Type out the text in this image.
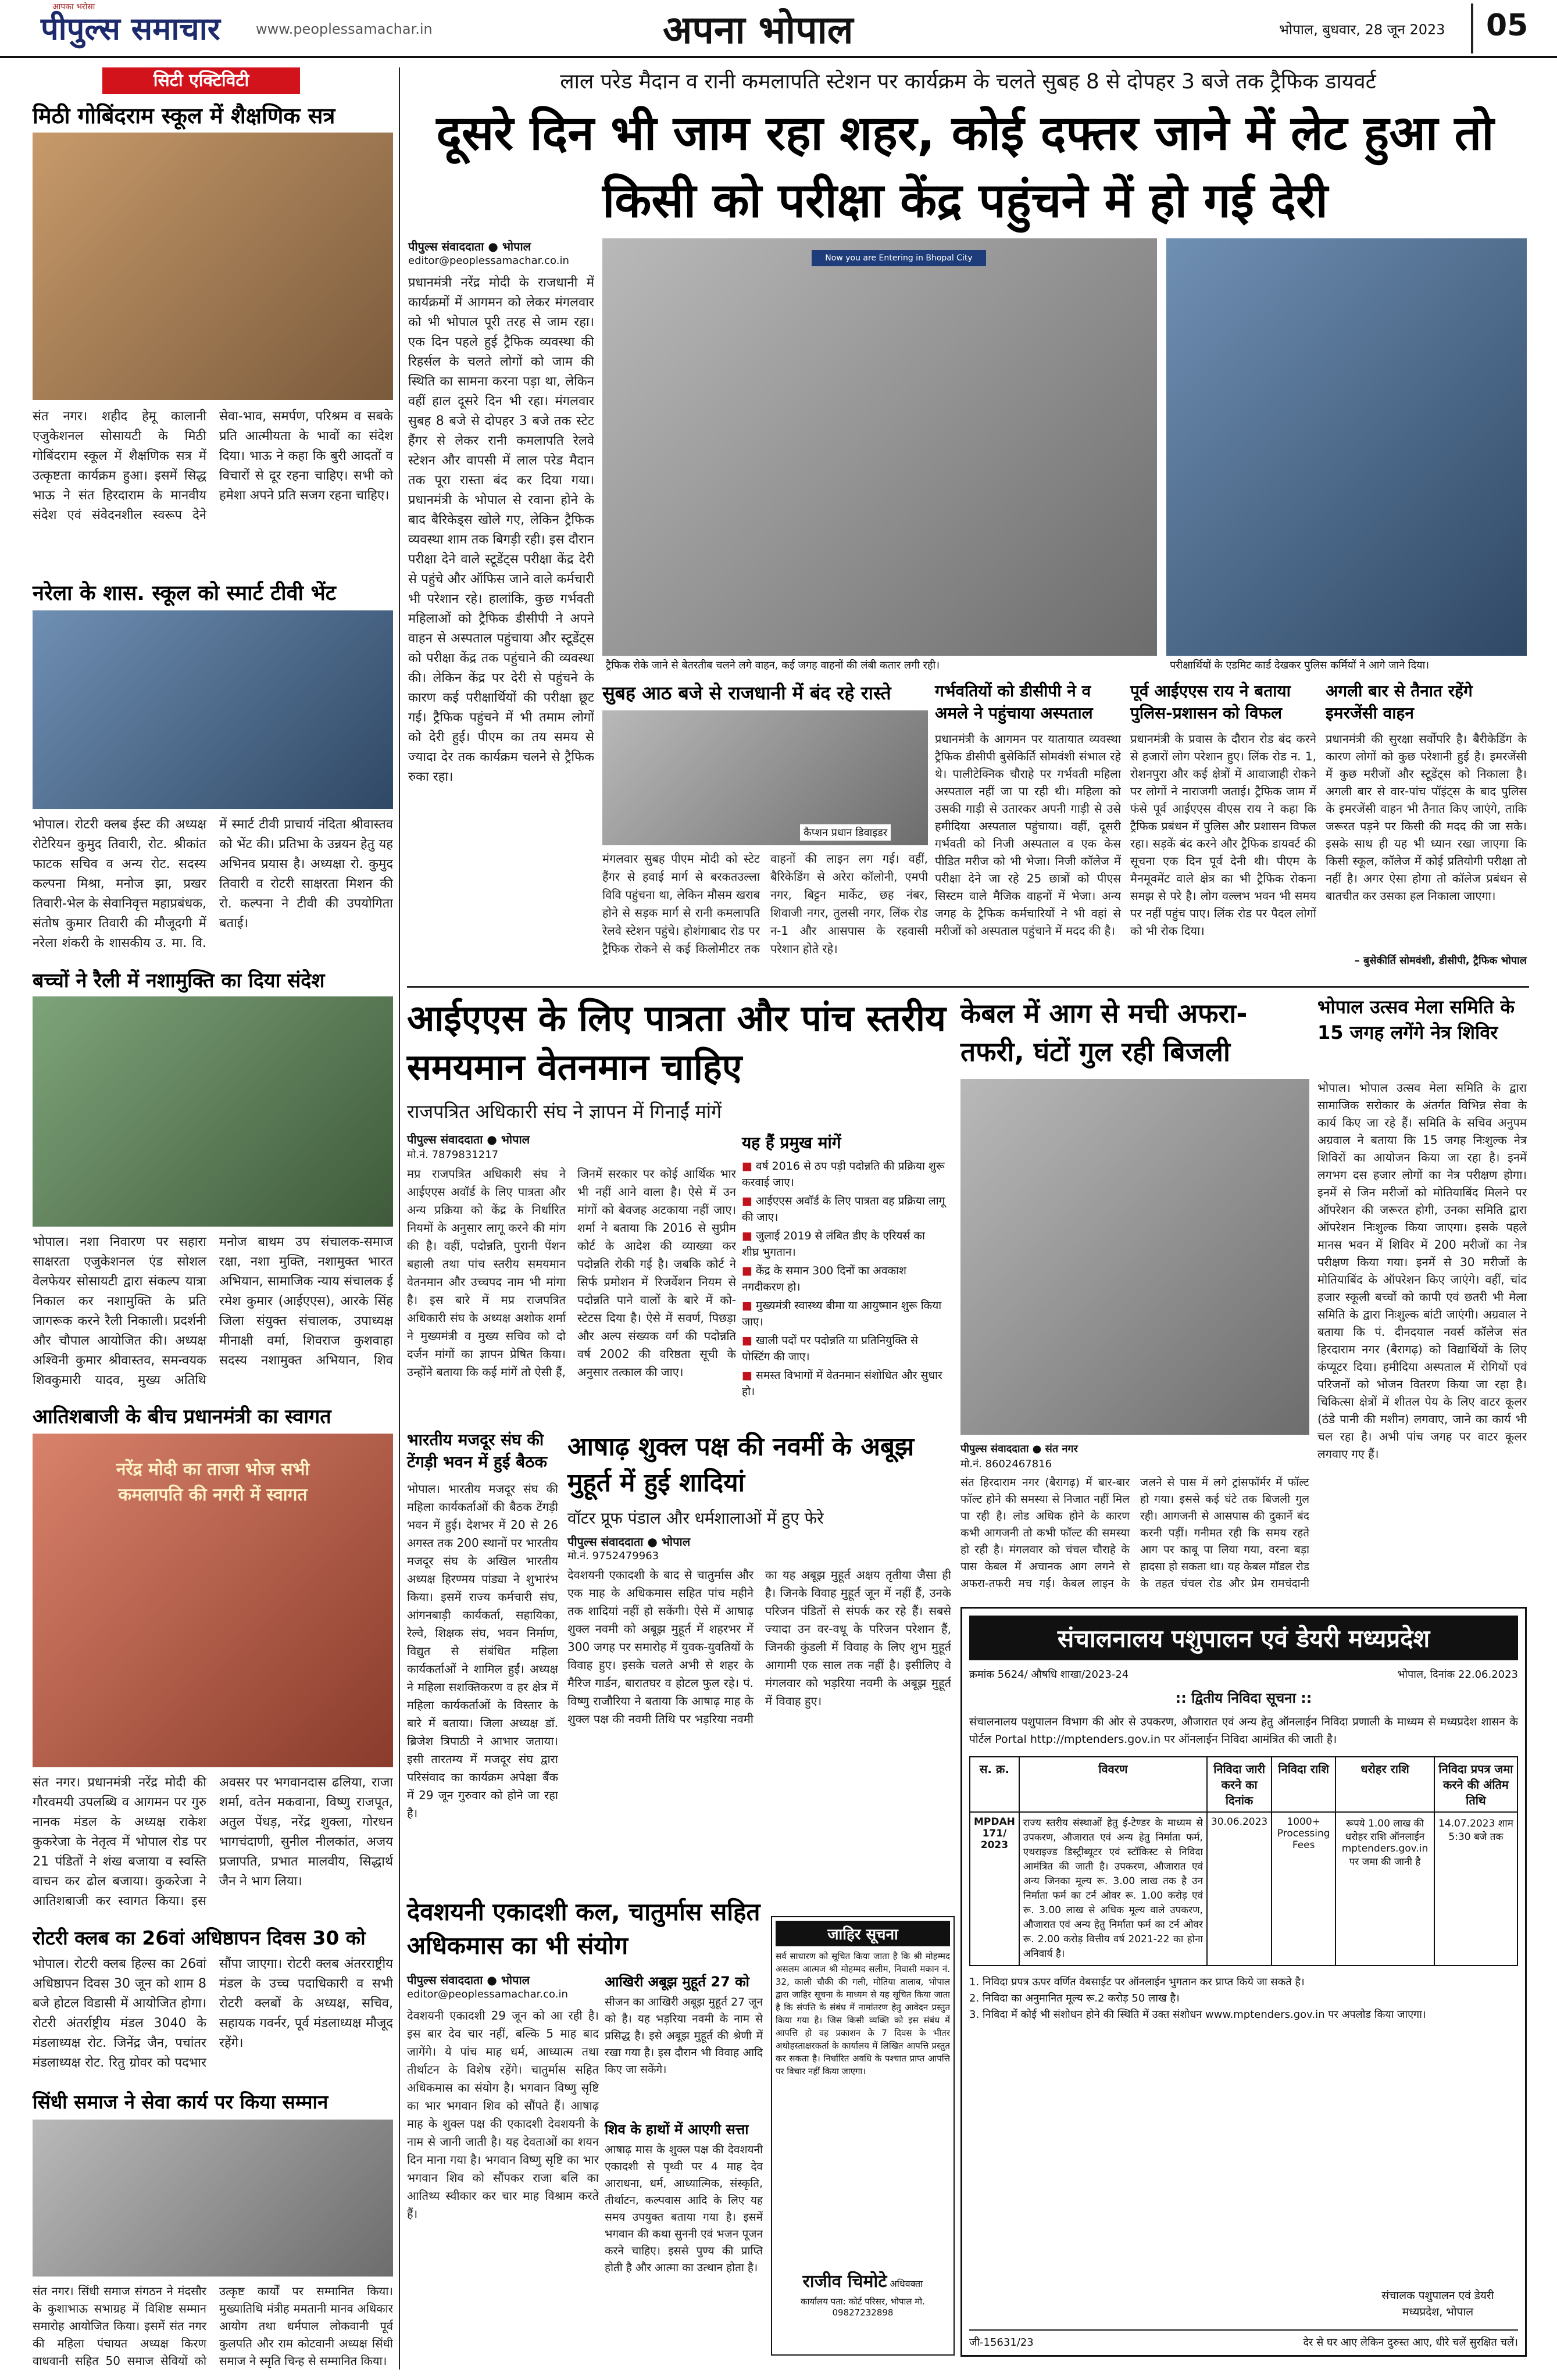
पीपुल्स समाचार
आपका भरोसा
www.peoplessamachar.in	अपना भोपाल	भोपाल, बुधवार, 28 जून 2023 05
सिटी एक्टिविटी
मिठी गोबिंदराम स्कूल में शैक्षणिक सत्र
संत नगर। शहीद हेमू कालानी एजुकेशनल सोसायटी के मिठी गोबिंदराम स्कूल में शैक्षणिक सत्र में उत्कृष्टता कार्यक्रम हुआ। इसमें सिद्ध भाऊ ने संत हिरदाराम के मानवीय संदेश एवं संवेदनशील स्वरूप देने सेवा-भाव, समर्पण, परिश्रम व सबके प्रति आत्मीयता के भावों का संदेश दिया। भाऊ ने कहा कि बुरी आदतों व विचारों से दूर रहना चाहिए। सभी को हमेशा अपने प्रति सजग रहना चाहिए।
नरेला के शास. स्कूल को स्मार्ट टीवी भेंट
भोपाल। रोटरी क्लब ईस्ट की अध्यक्ष रोटेरियन कुमुद तिवारी, रोट. श्रीकांत फाटक सचिव व अन्य रोट. सदस्य कल्पना मिश्रा, मनोज झा, प्रखर तिवारी-भेल के सेवानिवृत्त महाप्रबंधक, संतोष कुमार तिवारी की मौजूदगी में नरेला शंकरी के शासकीय उ. मा. वि. में स्मार्ट टीवी प्राचार्य नंदिता श्रीवास्तव को भेंट की। प्रतिभा के उन्नयन हेतु यह अभिनव प्रयास है। अध्यक्षा रो. कुमुद तिवारी व रोटरी साक्षरता मिशन की रो. कल्पना ने टीवी की उपयोगिता बताई।
बच्चों ने रैली में नशामुक्ति का दिया संदेश
भोपाल। नशा निवारण पर सहारा साक्षरता एजुकेशनल एंड सोशल वेलफेयर सोसायटी द्वारा संकल्प यात्रा निकाल कर नशामुक्ति के प्रति जागरूक करने रैली निकाली। प्रदर्शनी और चौपाल आयोजित की। अध्यक्ष अश्विनी कुमार श्रीवास्तव, समन्वयक शिवकुमारी यादव, मुख्य अतिथि मनोज बाथम उप संचालक-समाज रक्षा, नशा मुक्ति, नशामुक्त भारत अभियान, सामाजिक न्याय संचालक ई रमेश कुमार (आईएएस), आरके सिंह जिला संयुक्त संचालक, उपाध्यक्ष मीनाक्षी वर्मा, शिवराज कुशवाहा सदस्य नशामुक्त अभियान, शिव
आतिशबाजी के बीच प्रधानमंत्री का स्वागत
नरेंद्र मोदी का ताजा भोज सभी कमलापति की नगरी में स्वागत
संत नगर। प्रधानमंत्री नरेंद्र मोदी की गौरवमयी उपलब्धि व आगमन पर गुरु नानक मंडल के अध्यक्ष राकेश कुकरेजा के नेतृत्व में भोपाल रोड पर 21 पंडितों ने शंख बजाया व स्वस्ति वाचन कर ढोल बजाया। कुकरेजा ने आतिशबाजी कर स्वागत किया। इस अवसर पर भगवानदास ढलिया, राजा शर्मा, वतेन मकवाना, विष्णु राजपूत, अतुल पेंधड़, नरेंद्र शुक्ला, गोरधन भागचंदाणी, सुनील नीलकांत, अजय प्रजापति, प्रभात मालवीय, सिद्धार्थ जैन ने भाग लिया।
रोटरी क्लब का 26वां अधिष्ठापन दिवस 30 को
भोपाल। रोटरी क्लब हिल्स का 26वां अधिष्ठापन दिवस 30 जून को शाम 8 बजे होटल विडासी में आयोजित होगा। रोटरी अंतर्राष्ट्रीय मंडल 3040 के मंडलाध्यक्ष रोट. जिनेंद्र जैन, पचांतर मंडलाध्यक्ष रोट. रितु ग्रोवर को पदभार सौंपा जाएगा। रोटरी क्लब अंतरराष्ट्रीय मंडल के उच्च पदाधिकारी व सभी रोटरी क्लबों के अध्यक्ष, सचिव, सहायक गवर्नर, पूर्व मंडलाध्यक्ष मौजूद रहेंगे।
सिंधी समाज ने सेवा कार्य पर किया सम्मान
संत नगर। सिंधी समाज संगठन ने मंदसौर के कुशाभाऊ सभाग्रह में विशिष्ट सम्मान समारोह आयोजित किया। इसमें संत नगर की महिला पंचायत अध्यक्ष किरण वाधवानी सहित 50 समाज सेवियों को उत्कृष्ट कार्यों पर सम्मानित किया। मुख्यातिथि मंत्रीह ममतानी मानव अधिकार आयोग तथा धर्मपाल लोकवानी पूर्व कुलपति और राम कोटवानी अध्यक्ष सिंधी समाज ने स्मृति चिन्ह से सम्मानित किया।
लाल परेड मैदान व रानी कमलापति स्टेशन पर कार्यक्रम के चलते सुबह 8 से दोपहर 3 बजे तक ट्रैफिक डायवर्ट
दूसरे दिन भी जाम रहा शहर, कोई दफ्तर जाने में लेट हुआ तो किसी को परीक्षा केंद्र पहुंचने में हो गई देरी
पीपुल्स संवाददाता ● भोपाल
editor@peoplessamachar.co.in
प्रधानमंत्री नरेंद्र मोदी के राजधानी में कार्यक्रमों में आगमन को लेकर मंगलवार को भी भोपाल पूरी तरह से जाम रहा। एक दिन पहले हुई ट्रैफिक व्यवस्था की रिहर्सल के चलते लोगों को जाम की स्थिति का सामना करना पड़ा था, लेकिन वहीं हाल दूसरे दिन भी रहा। मंगलवार सुबह 8 बजे से दोपहर 3 बजे तक स्टेट हैंगर से लेकर रानी कमलापति रेलवे स्टेशन और वापसी में लाल परेड मैदान तक पूरा रास्ता बंद कर दिया गया। प्रधानमंत्री के भोपाल से रवाना होने के बाद बैरिकेड्स खोले गए, लेकिन ट्रैफिक व्यवस्था शाम तक बिगड़ी रही। इस दौरान परीक्षा देने वाले स्टूडेंट्स परीक्षा केंद्र देरी से पहुंचे और ऑफिस जाने वाले कर्मचारी भी परेशान रहे। हालांकि, कुछ गर्भवती महिलाओं को ट्रैफिक डीसीपी ने अपने वाहन से अस्पताल पहुंचाया और स्टूडेंट्स को परीक्षा केंद्र तक पहुंचाने की व्यवस्था की। लेकिन केंद्र पर देरी से पहुंचने के कारण कई परीक्षार्थियों की परीक्षा छूट गई। ट्रैफिक पहुंचने में भी तमाम लोगों को देरी हुई। पीएम का तय समय से ज्यादा देर तक कार्यक्रम चलने से ट्रैफिक रुका रहा।
Now you are Entering in Bhopal City
ट्रैफिक रोके जाने से बेतरतीब चलने लगे वाहन, कई जगह वाहनों की लंबी कतार लगी रही।	परीक्षार्थियों के एडमिट कार्ड देखकर पुलिस कर्मियों ने आगे जाने दिया।
सुबह आठ बजे से राजधानी में बंद रहे रास्ते
कैप्शन प्रधान डिवाइडर
मंगलवार सुबह पीएम मोदी को स्टेट हैंगर से हवाई मार्ग से बरकतउल्ला विवि पहुंचना था, लेकिन मौसम खराब होने से सड़क मार्ग से रानी कमलापति रेलवे स्टेशन पहुंचे। होशंगाबाद रोड पर ट्रैफिक रोकने से कई किलोमीटर तक वाहनों की लाइन लग गई। वहीं, बैरिकेडिंग से अरेरा कॉलोनी, एमपी नगर, बिट्टन मार्केट, छह नंबर, शिवाजी नगर, तुलसी नगर, लिंक रोड न-1 और आसपास के रहवासी परेशान होते रहे।
गर्भवतियों को डीसीपी ने व अमले ने पहुंचाया अस्पताल
प्रधानमंत्री के आगमन पर यातायात व्यवस्था ट्रैफिक डीसीपी बुसेकिर्ति सोमवंशी संभाल रहे थे। पालीटेक्निक चौराहे पर गर्भवती महिला अस्पताल नहीं जा पा रही थी। महिला को उसकी गाड़ी से उतारकर अपनी गाड़ी से उसे हमीदिया अस्पताल पहुंचाया। वहीं, दूसरी गर्भवती को निजी अस्पताल व एक केस पीडित मरीज को भी भेजा। निजी कॉलेज में परीक्षा देने जा रहे 25 छात्रों को पीएस सिस्टम वाले मैजिक वाहनों में भेजा। अन्य जगह के ट्रैफिक कर्मचारियों ने भी वहां से मरीजों को अस्पताल पहुंचाने में मदद की है।
पूर्व आईएएस राय ने बताया पुलिस-प्रशासन को विफल
प्रधानमंत्री के प्रवास के दौरान रोड बंद करने से हजारों लोग परेशान हुए। लिंक रोड न. 1, रोशनपुरा और कई क्षेत्रों में आवाजाही रोकने पर लोगों ने नाराजगी जताई। ट्रैफिक जाम में फंसे पूर्व आईएएस वीएस राय ने कहा कि ट्रैफिक प्रबंधन में पुलिस और प्रशासन विफल रहा। सड़कें बंद करने और ट्रैफिक डायवर्ट की सूचना एक दिन पूर्व देनी थी। पीएम के मैनमूवमेंट वाले क्षेत्र का भी ट्रैफिक रोकना समझ से परे है। लोग वल्लभ भवन भी समय पर नहीं पहुंच पाए। लिंक रोड पर पैदल लोगों को भी रोक दिया।
अगली बार से तैनात रहेंगे इमरजेंसी वाहन
प्रधानमंत्री की सुरक्षा सर्वोपरि है। बैरीकेडिंग के कारण लोगों को कुछ परेशानी हुई है। इमरजेंसी में कुछ मरीजों और स्टूडेंट्स को निकाला है। अगली बार से वार-पांच पॉइंट्स के बाद पुलिस के इमरजेंसी वाहन भी तैनात किए जाएंगे, ताकि जरूरत पड़ने पर किसी की मदद की जा सके। इसके साथ ही यह भी ध्यान रखा जाएगा कि किसी स्कूल, कॉलेज में कोई प्रतियोगी परीक्षा तो नहीं है। अगर ऐसा होगा तो कॉलेज प्रबंधन से बातचीत कर उसका हल निकाला जाएगा।
– बुसेकीर्ति सोमवंशी, डीसीपी, ट्रैफिक भोपाल
आईएएस के लिए पात्रता और पांच स्तरीय समयमान वेतनमान चाहिए
राजपत्रित अधिकारी संघ ने ज्ञापन में गिनाईं मांगें
पीपुल्स संवाददाता ● भोपाल
मो.नं. 7879831217
मप्र राजपत्रित अधिकारी संघ ने आईएएस अवॉर्ड के लिए पात्रता और अन्य प्रक्रिया को केंद्र के निर्धारित नियमों के अनुसार लागू करने की मांग की है। वहीं, पदोन्नति, पुरानी पेंशन बहाली तथा पांच स्तरीय समयमान वेतनमान और उच्चपद नाम भी मांगा है। इस बारे में मप्र राजपत्रित अधिकारी संघ के अध्यक्ष अशोक शर्मा ने मुख्यमंत्री व मुख्य सचिव को दो दर्जन मांगों का ज्ञापन प्रेषित किया। उन्होंने बताया कि कई मांगें तो ऐसी हैं, जिनमें सरकार पर कोई आर्थिक भार भी नहीं आने वाला है। ऐसे में उन मांगों को बेवजह अटकाया नहीं जाए। शर्मा ने बताया कि 2016 से सुप्रीम कोर्ट के आदेश की व्याख्या कर पदोन्नति रोकी गई है। जबकि कोर्ट ने सिर्फ प्रमोशन में रिजर्वेशन नियम से पदोन्नति पाने वालों के बारे में को-स्टेटस दिया है। ऐसे में सवर्ण, पिछड़ा और अल्प संख्यक वर्ग की पदोन्नति वर्ष 2002 की वरिष्ठता सूची के अनुसार तत्काल की जाए।
यह हैं प्रमुख मांगें
■ वर्ष 2016 से ठप पड़ी पदोन्नति की प्रक्रिया शुरू करवाई जाए।
■ आईएएस अवॉर्ड के लिए पात्रता वह प्रक्रिया लागू की जाए।
■ जुलाई 2019 से लंबित डीए के एरियर्स का शीघ्र भुगतान।
■ केंद्र के समान 300 दिनों का अवकाश नगदीकरण हो।
■ मुख्यमंत्री स्वास्थ्य बीमा या आयुष्मान शुरू किया जाए।
■ खाली पदों पर पदोन्नति या प्रतिनियुक्ति से पोस्टिंग की जाए।
■ समस्त विभागों में वेतनमान संशोधित और सुधार हो।
भारतीय मजदूर संघ की टेंगड़ी भवन में हुई बैठक
भोपाल। भारतीय मजदूर संघ की महिला कार्यकर्ताओं की बैठक टेंगड़ी भवन में हुई। देशभर में 20 से 26 अगस्त तक 200 स्थानों पर भारतीय मजदूर संघ के अखिल भारतीय अध्यक्ष हिरण्मय पांड्या ने शुभारंभ किया। इसमें राज्य कर्मचारी संघ, आंगनबाड़ी कार्यकर्ता, सहायिका, रेल्वे, शिक्षक संघ, भवन निर्माण, विद्युत से संबंधित महिला कार्यकर्ताओं ने शामिल हुईं। अध्यक्ष ने महिला सशक्तिकरण व हर क्षेत्र में महिला कार्यकर्ताओं के विस्तार के बारे में बताया। जिला अध्यक्ष डॉ. ब्रिजेश त्रिपाठी ने आभार जताया। इसी तारतम्य में मजदूर संघ द्वारा परिसंवाद का कार्यक्रम अपेक्षा बैंक में 29 जून गुरुवार को होने जा रहा है।
आषाढ़ शुक्ल पक्ष की नवमीं के अबूझ मुहूर्त में हुई शादियां
वॉटर प्रूफ पंडाल और धर्मशालाओं में हुए फेरे
पीपुल्स संवाददाता ● भोपाल
मो.नं. 9752479963
देवशयनी एकादशी के बाद से चातुर्मास और एक माह के अधिकमास सहित पांच महीने तक शादियां नहीं हो सकेंगी। ऐसे में आषाढ़ शुक्ल नवमी को अबूझ मुहूर्त में शहरभर में 300 जगह पर समारोह में युवक-युवतियों के विवाह हुए। इसके चलते अभी से शहर के मैरिज गार्डन, बारातघर व होटल फुल रहे। पं. विष्णु राजौरिया ने बताया कि आषाढ़ माह के शुक्ल पक्ष की नवमी तिथि पर भड़रिया नवमी का यह अबूझ मुहूर्त अक्षय तृतीया जैसा ही है। जिनके विवाह मुहूर्त जून में नहीं हैं, उनके परिजन पंडितों से संपर्क कर रहे हैं। सबसे ज्यादा उन वर-वधू के परिजन परेशान हैं, जिनकी कुंडली में विवाह के लिए शुभ मुहूर्त आगामी एक साल तक नहीं है। इसीलिए वे मंगलवार को भड़रिया नवमी के अबूझ मुहूर्त में विवाह हुए।
केबल में आग से मची अफरा-तफरी, घंटों गुल रही बिजली
पीपुल्स संवाददाता ● संत नगर
मो.नं. 8602467816
संत हिरदाराम नगर (बैरागढ़) में बार-बार फॉल्ट होने की समस्या से निजात नहीं मिल पा रही है। लोड अधिक होने के कारण कभी आगजनी तो कभी फॉल्ट की समस्या हो रही है। मंगलवार को चंचल चौराहे के पास केबल में अचानक आग लगने से अफरा-तफरी मच गई। केबल लाइन के जलने से पास में लगे ट्रांसफॉर्मर में फॉल्ट हो गया। इससे कई घंटे तक बिजली गुल रही। आगजनी से आसपास की दुकानें बंद करनी पड़ीं। गनीमत रही कि समय रहते आग पर काबू पा लिया गया, वरना बड़ा हादसा हो सकता था। यह केबल मॉडल रोड के तहत चंचल रोड और प्रेम रामचंदानी
भोपाल उत्सव मेला समिति के 15 जगह लगेंगे नेत्र शिविर
भोपाल। भोपाल उत्सव मेला समिति के द्वारा सामाजिक सरोकार के अंतर्गत विभिन्न सेवा के कार्य किए जा रहे हैं। समिति के सचिव अनुपम अग्रवाल ने बताया कि 15 जगह निःशुल्क नेत्र शिविरों का आयोजन किया जा रहा है। इनमें लगभग दस हजार लोगों का नेत्र परीक्षण होगा। इनमें से जिन मरीजों को मोतियाबिंद मिलने पर ऑपरेशन की जरूरत होगी, उनका समिति द्वारा ऑपरेशन निःशुल्क किया जाएगा। इसके पहले मानस भवन में शिविर में 200 मरीजों का नेत्र परीक्षण किया गया। इनमें से 30 मरीजों के मोतियाबिंद के ऑपरेशन किए जाएंगे। वहीं, चांद हजार स्कूली बच्चों को कापी एवं छतरी भी मेला समिति के द्वारा निःशुल्क बांटी जाएंगी। अग्रवाल ने बताया कि पं. दीनदयाल नवर्स कॉलेज संत हिरदाराम नगर (बैरागढ़) को विद्यार्थियों के लिए कंप्यूटर दिया। हमीदिया अस्पताल में रोगियों एवं परिजनों को भोजन वितरण किया जा रहा है। चिकित्सा क्षेत्रों में शीतल पेय के लिए वाटर कूलर (ठंडे पानी की मशीन) लगवाए, जाने का कार्य भी चल रहा है। अभी पांच जगह पर वाटर कूलर लगवाए गए हैं।
देवशयनी एकादशी कल, चातुर्मास सहित अधिकमास का भी संयोग
पीपुल्स संवाददाता ● भोपाल
editor@peoplessamachar.co.in
देवशयनी एकादशी 29 जून को आ रही है। इस बार देव चार नहीं, बल्कि 5 माह बाद जागेंगे। ये पांच माह धर्म, आध्यात्म तथा तीर्थाटन के विशेष रहेंगे। चातुर्मास सहित अधिकमास का संयोग है। भगवान विष्णु सृष्टि का भार भगवान शिव को सौंपते हैं। आषाढ़ माह के शुक्ल पक्ष की एकादशी देवशयनी के नाम से जानी जाती है। यह देवताओं का शयन दिन माना गया है। भगवान विष्णु सृष्टि का भार भगवान शिव को सौंपकर राजा बलि का आतिथ्य स्वीकार कर चार माह विश्राम करते हैं।
आखिरी अबूझ मुहूर्त 27 को
सीजन का आखिरी अबूझ मुहूर्त 27 जून को है। यह भड़रिया नवमी के नाम से प्रसिद्ध है। इसे अबूझ मुहूर्त की श्रेणी में रखा गया है। इस दौरान भी विवाह आदि किए जा सकेंगे।
शिव के हाथों में आएगी सत्ता
आषाढ़ मास के शुक्ल पक्ष की देवशयनी एकादशी से पृथ्वी पर 4 माह देव आराधना, धर्म, आध्यात्मिक, संस्कृति, तीर्थाटन, कल्पवास आदि के लिए यह समय उपयुक्त बताया गया है। इसमें भगवान की कथा सुननी एवं भजन पूजन करने चाहिए। इससे पुण्य की प्राप्ति होती है और आत्मा का उत्थान होता है।
जाहिर सूचना
सर्व साधारण को सूचित किया जाता है कि श्री मोहम्मद असलम आत्मज श्री मोहम्मद सलीम, निवासी मकान नं. 32, काली चौकी की गली, मोतिया तालाब, भोपाल द्वारा जाहिर सूचना के माध्यम से यह सूचित किया जाता है कि संपत्ति के संबंध में नामांतरण हेतु आवेदन प्रस्तुत किया गया है। जिस किसी व्यक्ति को इस संबंध में आपत्ति हो वह प्रकाशन के 7 दिवस के भीतर अधोहस्ताक्षरकर्ता के कार्यालय में लिखित आपत्ति प्रस्तुत कर सकता है। निर्धारित अवधि के पश्चात प्राप्त आपत्ति पर विचार नहीं किया जाएगा।
राजीव चिमोटे अधिवक्ता
कार्यालय पता: कोर्ट परिसर, भोपाल मो. 09827232898
संचालनालय पशुपालन एवं डेयरी मध्यप्रदेश
क्रमांक 5624/ औषधि शाखा/2023-24	भोपाल, दिनांक 22.06.2023
:: द्वितीय निविदा सूचना ::
संचालनालय पशुपालन विभाग की ओर से उपकरण, औजारात एवं अन्य हेतु ऑनलाईन निविदा प्रणाली के माध्यम से मध्यप्रदेश शासन के पोर्टल Portal http://mptenders.gov.in पर ऑनलाईन निविदा आमंत्रित की जाती है।
स. क्र.	विवरण	निविदा जारी करने का दिनांक	निविदा राशि	धरोहर राशि	निविदा प्रपत्र जमा करने की अंतिम तिथि
MPDAH 171/ 2023	राज्य स्तरीय संस्थाओं हेतु ई-टेण्डर के माध्यम से उपकरण, औजारात एवं अन्य हेतु निर्माता फर्म, एथराइज्ड डिस्ट्रीब्यूटर एवं स्टॉकिस्ट से निविदा आमंत्रित की जाती है। उपकरण, औजारात एवं अन्य जिनका मूल्य रू. 3.00 लाख तक है उन निर्माता फर्म का टर्न ओवर रू. 1.00 करोड़ एवं रू. 3.00 लाख से अधिक मूल्य वाले उपकरण, औजारात एवं अन्य हेतु निर्माता फर्म का टर्न ओवर रू. 2.00 करोड़ वित्तीय वर्ष 2021-22 का होना अनिवार्य है।	30.06.2023	1000+ Processing Fees	रूपये 1.00 लाख की धरोहर राशि ऑनलाईन mptenders.gov.in पर जमा की जानी है	14.07.2023 शाम 5:30 बजे तक
1. निविदा प्रपत्र ऊपर वर्णित वेबसाईट पर ऑनलाईन भुगतान कर प्राप्त किये जा सकते है।
2. निविदा का अनुमानित मूल्य रू.2 करोड़ 50 लाख है।
3. निविदा में कोई भी संशोधन होने की स्थिति में उक्त संशोधन www.mptenders.gov.in पर अपलोड किया जाएगा।
संचालक पशुपालन एवं डेयरी मध्यप्रदेश, भोपाल
जी-15631/23	देर से घर आए लेकिन दुरुस्त आए, धीरे चलें सुरक्षित चलें।
